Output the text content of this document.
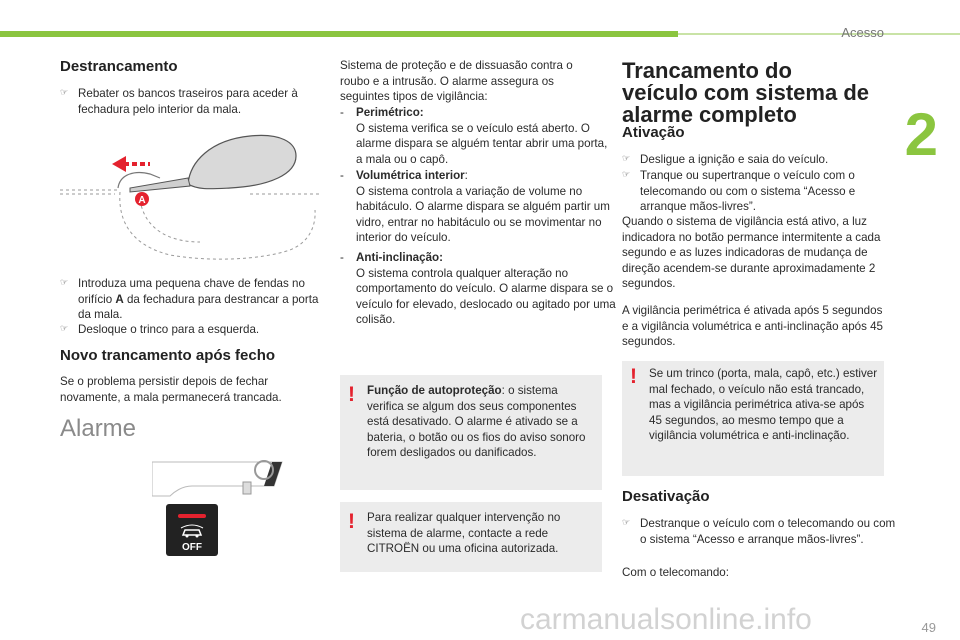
Acesso
2
Destrancamento
☞ Rebater os bancos traseiros para aceder à fechadura pelo interior da mala.
A
☞ Introduza uma pequena chave de fendas no orifício A da fechadura para destrancar a porta da mala.
☞ Desloque o trinco para a esquerda.
Novo trancamento após fecho

Se o problema persistir depois de fechar novamente, a mala permanecerá trancada.

Alarme
OFF

Sistema de proteção e de dissuasão contra o roubo e a intrusão. O alarme assegura os seguintes tipos de vigilância:

- Perimétrico:
O sistema verifica se o veículo está aberto. O alarme dispara se alguém tentar abrir uma porta, a mala ou o capô.
- Volumétrica interior:
O sistema controla a variação de volume no habitáculo. O alarme dispara se alguém partir um vidro, entrar no habitáculo ou se movimentar no interior do veículo.
- Anti-inclinação:
O sistema controla qualquer alteração no comportamento do veículo. O alarme dispara se o veículo for elevado, deslocado ou agitado por uma colisão.
! Função de autoproteção: o sistema verifica se algum dos seus componentes está desativado. O alarme é ativado se a bateria, o botão ou os fios do aviso sonoro forem desligados ou danificados.
! Para realizar qualquer intervenção no sistema de alarme, contacte a rede CITROËN ou uma oficina autorizada.
Trancamento do veículo com sistema de alarme completo
Ativação
☞ Desligue a ignição e saia do veículo.
☞ Tranque ou supertranque o veículo com o telecomando ou com o sistema “Acesso e arranque mãos-livres”.

Quando o sistema de vigilância está ativo, a luz indicadora no botão permance intermitente a cada segundo e as luzes indicadoras de mudança de direção acendem-se durante aproximadamente 2 segundos.

A vigilância perimétrica é ativada após 5 segundos e a vigilância volumétrica e anti-inclinação após 45 segundos.

! Se um trinco (porta, mala, capô, etc.) estiver mal fechado, o veículo não está trancado, mas a vigilância perimétrica ativa-se após 45 segundos, ao mesmo tempo que a vigilância volumétrica e anti-inclinação.
Desativação
☞ Destranque o veículo com o telecomando ou com o sistema “Acesso e arranque mãos-livres”.

Com o telecomando:

carmanualsonline.info	49
